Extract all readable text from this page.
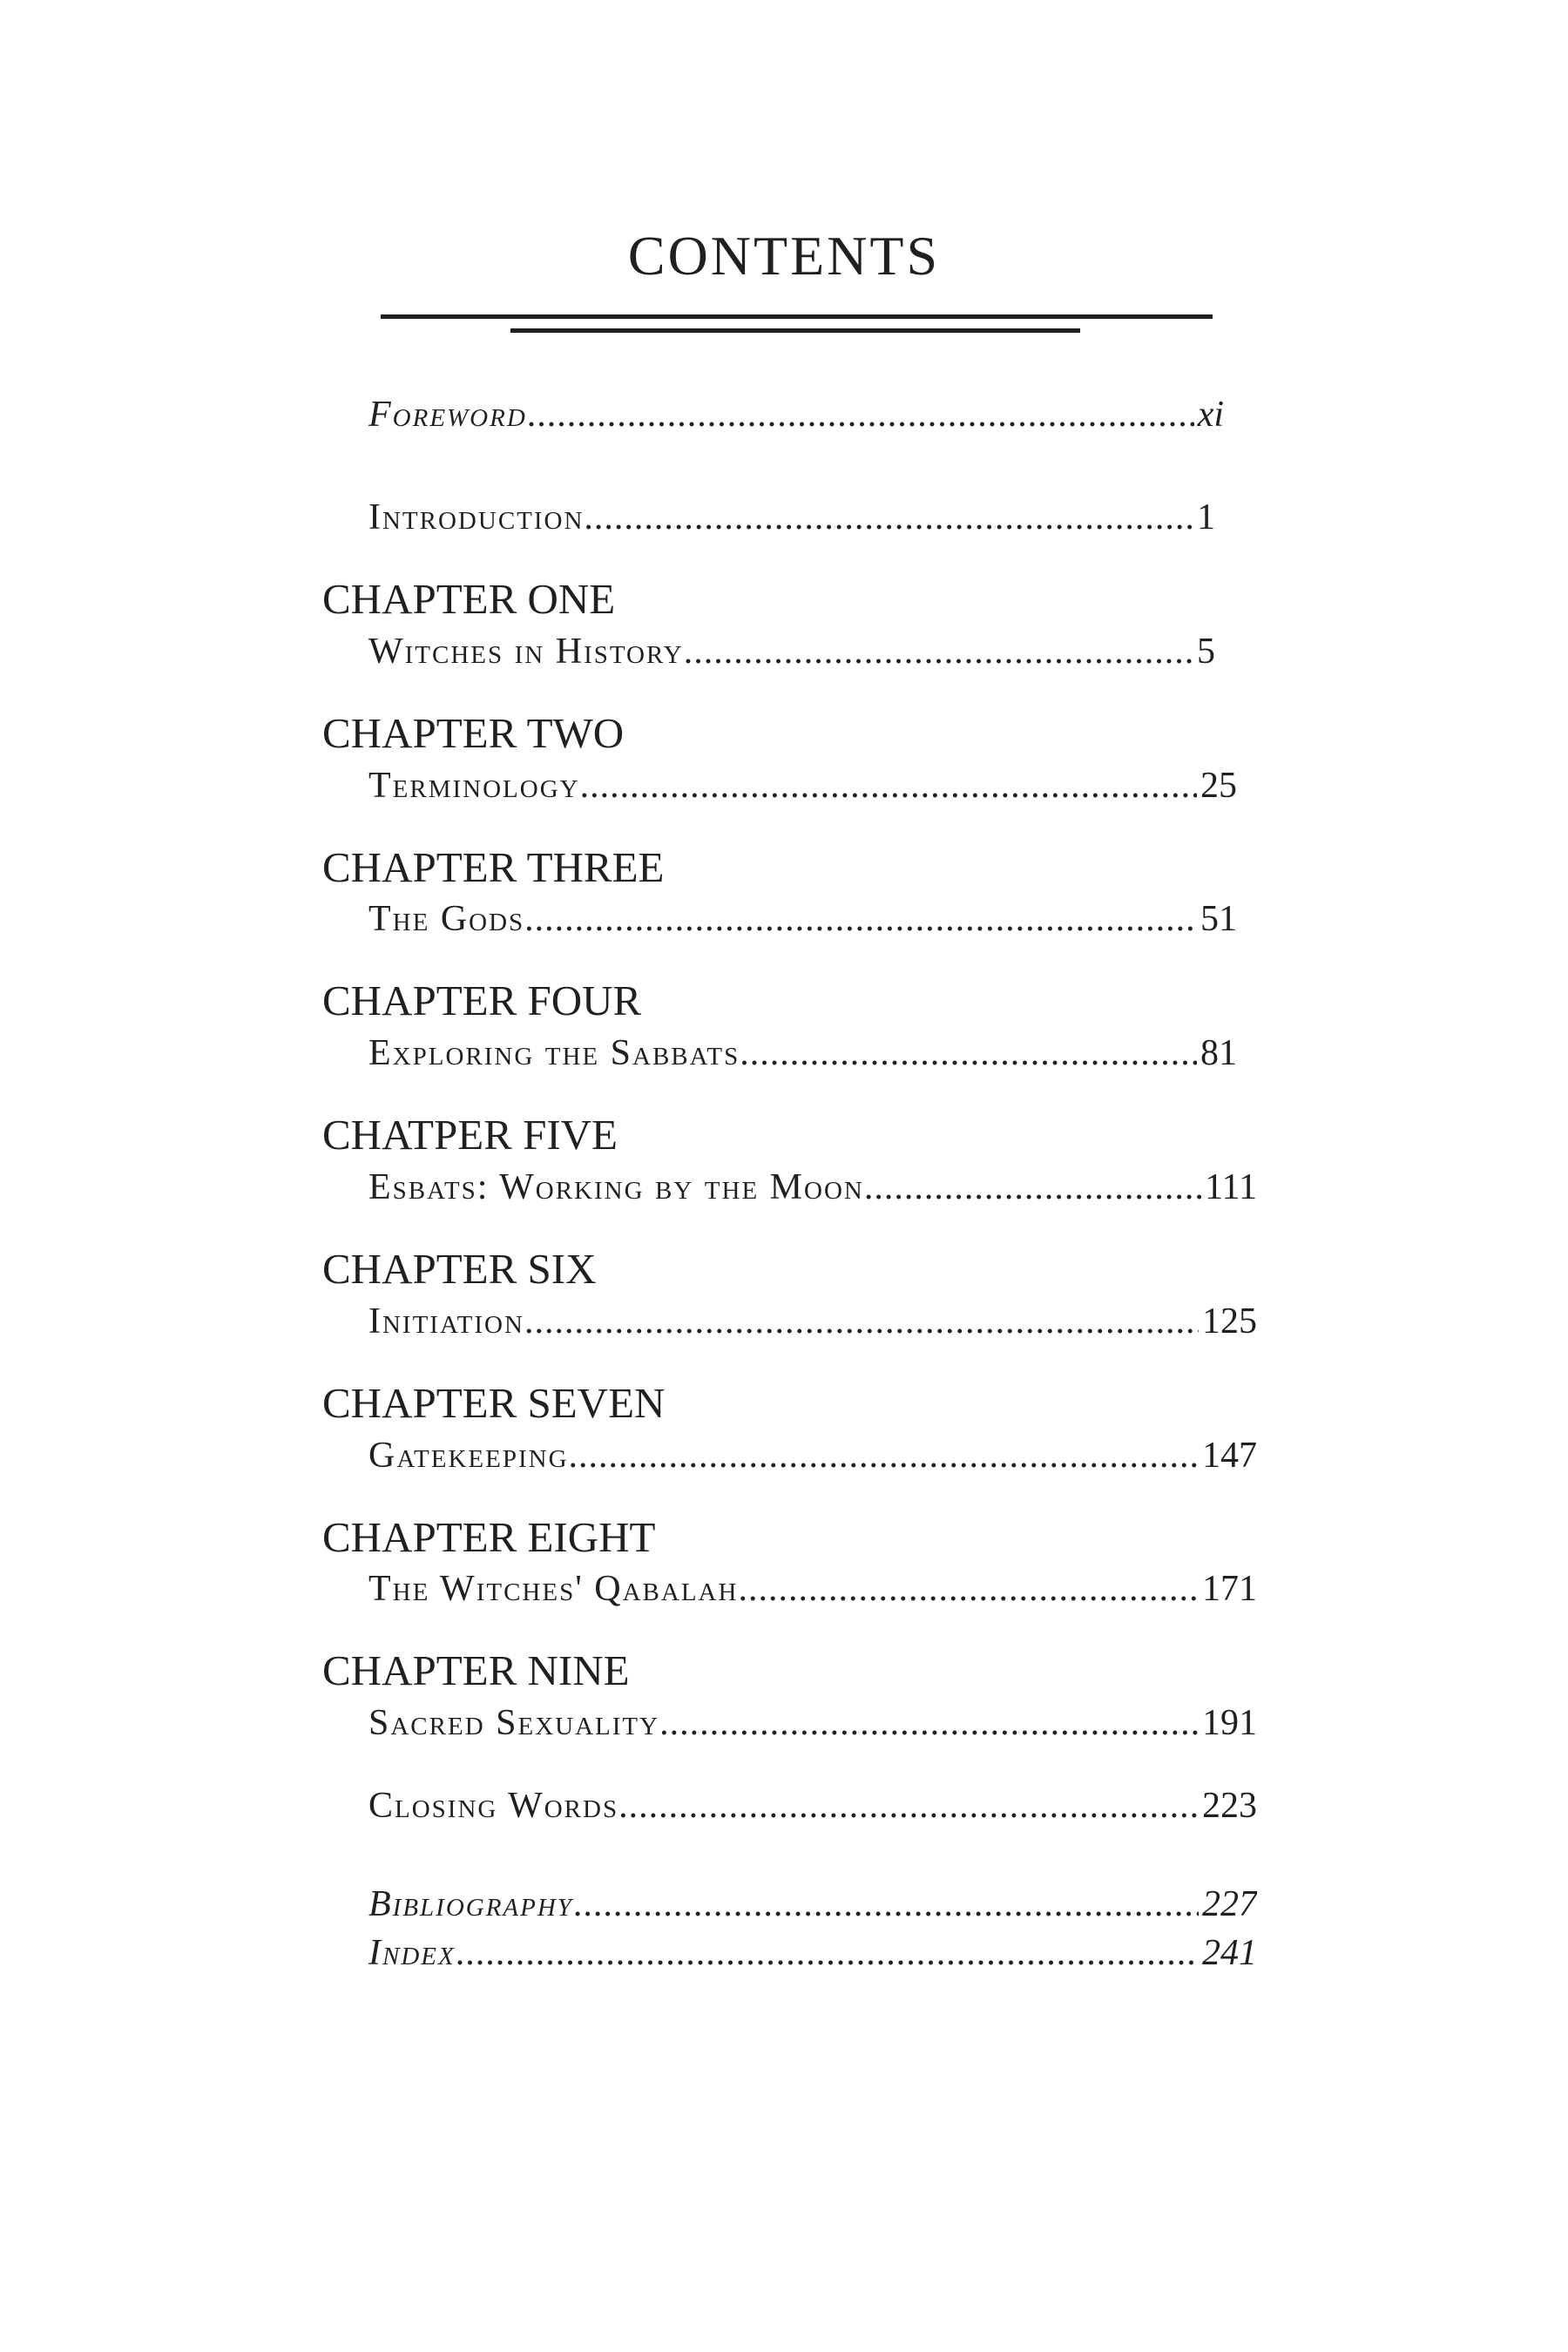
contents
Foreword .....	xi
Introduction .....	1
CHAPTER ONE
Witches in History .....	5
CHAPTER TWO
Terminology .....	25
CHAPTER THREE
The Gods .....	51
CHAPTER FOUR
Exploring the Sabbats .....	81
CHATPER FIVE
Esbats: Working by the Moon .....	111
CHAPTER SIX
Initiation .....	125
CHAPTER SEVEN
Gatekeeping .....	147
CHAPTER EIGHT
The Witches' Qabalah .....	171
CHAPTER NINE
Sacred Sexuality .....	191
Closing Words .....	223
Bibliography .....	227
Index .....	241
